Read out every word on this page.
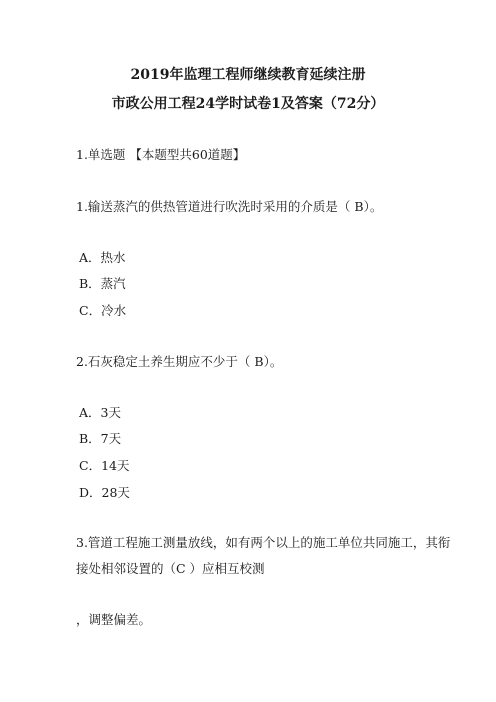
2019年监理工程师继续教育延续注册
市政公用工程24学时试卷1及答案（72分）
1.单选题 【本题型共60道题】
1.输送蒸汽的供热管道进行吹洗时采用的介质是（ B）。
A．热水
B．蒸汽
C．冷水
2.石灰稳定土养生期应不少于（ B）。
A．3天
B．7天
C．14天
D．28天
3.管道工程施工测量放线，如有两个以上的施工单位共同施工，其衔
接处相邻设置的（C ）应相互校测
，调整偏差。
